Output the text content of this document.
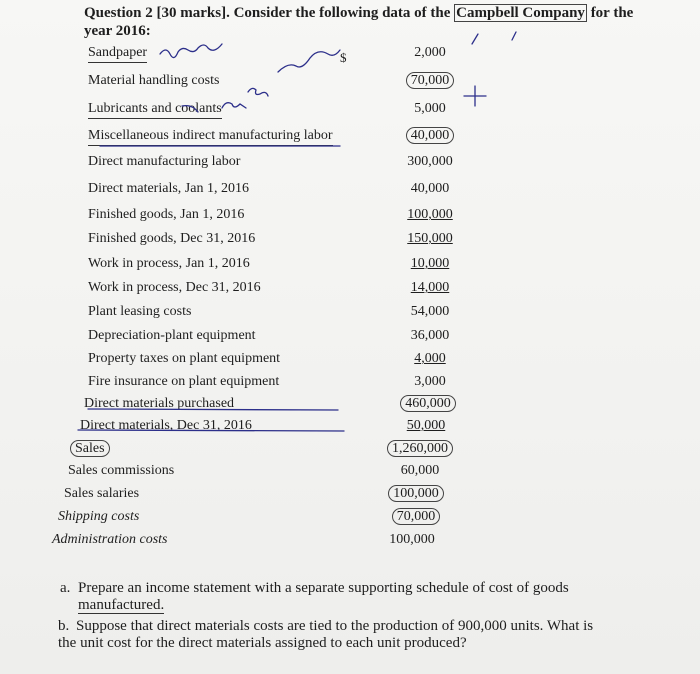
Question 2 [30 marks]. Consider the following data of the Campbell Company for the
year 2016:
$
Sandpaper	2,000
Material handling costs	70,000
Lubricants and coolants	5,000
Miscellaneous indirect manufacturing labor	40,000
Direct manufacturing labor	300,000
Direct materials, Jan 1, 2016	40,000
Finished goods, Jan 1, 2016	100,000
Finished goods, Dec 31, 2016	150,000
Work in process, Jan 1, 2016	10,000
Work in process, Dec 31, 2016	14,000
Plant leasing costs	54,000
Depreciation-plant equipment	36,000
Property taxes on plant equipment	4,000
Fire insurance on plant equipment	3,000
Direct materials purchased	460,000
Direct materials, Dec 31, 2016	50,000
Sales	1,260,000
Sales commissions	60,000
Sales salaries	100,000
Shipping costs	70,000
Administration costs	100,000
a. Prepare an income statement with a separate supporting schedule of cost of goods
manufactured.
b. Suppose that direct materials costs are tied to the production of 900,000 units. What is
the unit cost for the direct materials assigned to each unit produced?
